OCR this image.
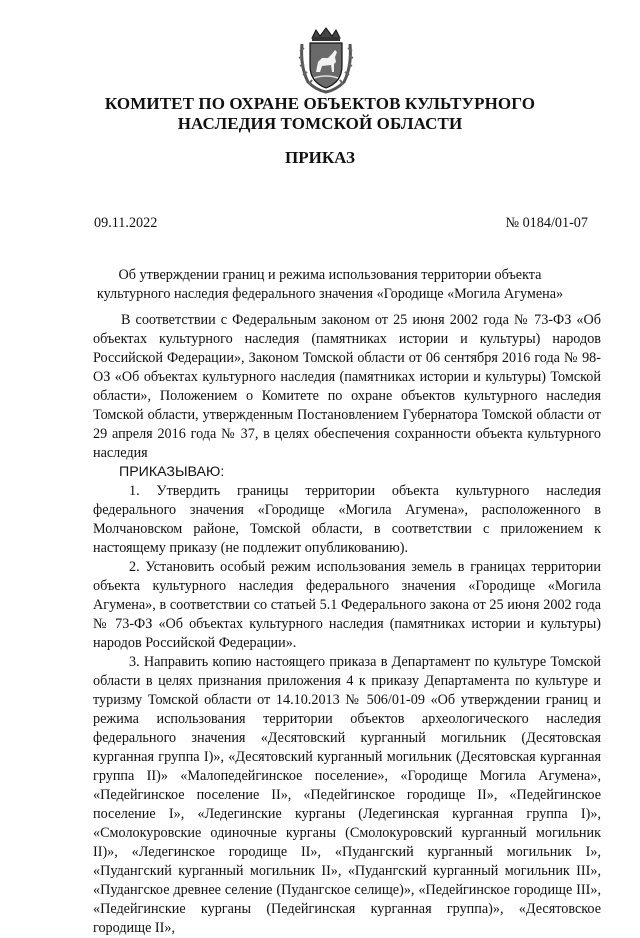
КОМИТЕТ ПО ОХРАНЕ ОБЪЕКТОВ КУЛЬТУРНОГО
НАСЛЕДИЯ ТОМСКОЙ ОБЛАСТИ
ПРИКАЗ
09.11.2022	№ 0184/01-07
Об утверждении границ и режима использования территории объекта
культурного наследия федерального значения «Городище «Могила Агумена»

В соответствии с Федеральным законом от 25 июня 2002 года № 73-ФЗ «Об объектах культурного наследия (памятниках истории и культуры) народов Российской Федерации», Законом Томской области от 06 сентября 2016 года № 98-ОЗ «Об объектах культурного наследия (памятниках истории и культуры) Томской области», Положением о Комитете по охране объектов культурного наследия Томской области, утвержденным Постановлением Губернатора Томской области от 29 апреля 2016 года № 37, в целях обеспечения сохранности объекта культурного наследия

ПРИКАЗЫВАЮ:

1. Утвердить границы территории объекта культурного наследия федерального значения «Городище «Могила Агумена», расположенного в Молчановском районе, Томской области, в соответствии с приложением к настоящему приказу (не подлежит опубликованию).

2. Установить особый режим использования земель в границах территории объекта культурного наследия федерального значения «Городище «Могила Агумена», в соответствии со статьей 5.1 Федерального закона от 25 июня 2002 года № 73-ФЗ «Об объектах культурного наследия (памятниках истории и культуры) народов Российской Федерации».

3. Направить копию настоящего приказа в Департамент по культуре Томской области в целях признания приложения 4 к приказу Департамента по культуре и туризму Томской области от 14.10.2013 № 506/01-09 «Об утверждении границ и режима использования территории объектов археологического наследия федерального значения «Десятовский курганный могильник (Десятовская курганная группа I)», «Десятовский курганный могильник (Десятовская курганная группа II)» «Малопедейгинское поселение», «Городище Могила Агумена», «Педейгинское поселение II», «Педейгинское городище II», «Педейгинское поселение I», «Ледегинские курганы (Ледегинская курганная группа I)», «Смолокуровские одиночные курганы (Смолокуровский курганный могильник II)», «Ледегинское городище II», «Пудангский курганный могильник I», «Пудангский курганный могильник II», «Пудангский курганный могильник III», «Пудангское древнее селение (Пудангское селище)», «Педейгинское городище III», «Педейгинские курганы (Педейгинская курганная группа)», «Десятовское городище II»,
